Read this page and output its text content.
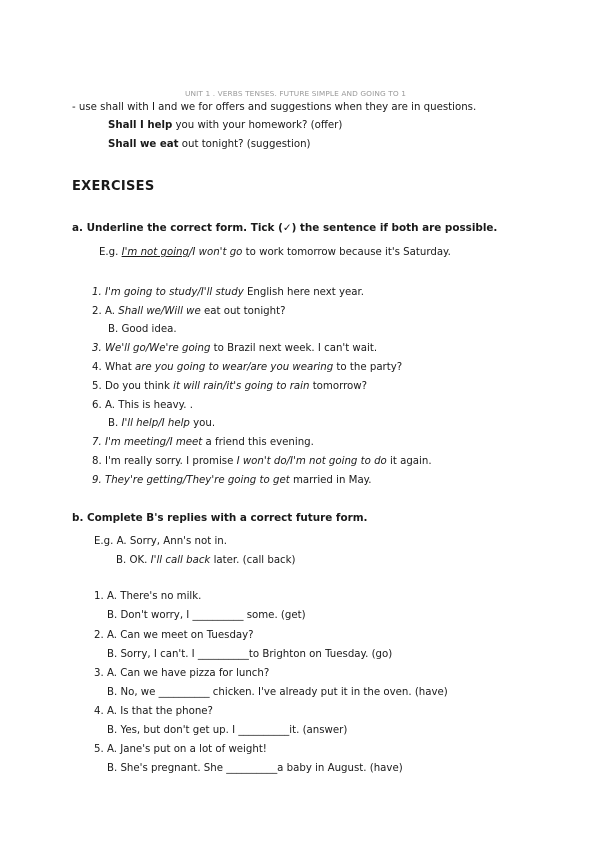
UNIT 1 . VERBS TENSES. FUTURE SIMPLE AND GOING TO 1
- use shall with I and we for offers and suggestions when they are in questions.
Shall I help you with your homework? (offer)
Shall we eat out tonight? (suggestion)
EXERCISES
a. Underline the correct form. Tick (✓) the sentence if both are possible.
E.g. I'm not going/I won't go to work tomorrow because it's Saturday.
1. I'm going to study/I'll study English here next year.
2. A. Shall we/Will we eat out tonight?
B. Good idea.
3. We'll go/We're going to Brazil next week. I can't wait.
4. What are you going to wear/are you wearing to the party?
5. Do you think it will rain/it's going to rain tomorrow?
6. A. This is heavy. .
B. I'll help/I help you.
7. I'm meeting/I meet a friend this evening.
8. I'm really sorry. I promise I won't do/I'm not going to do it again.
9. They're getting/They're going to get married in May.
b. Complete B's replies with a correct future form.
E.g. A. Sorry, Ann's not in.
B. OK. I'll call back later. (call back)
1. A. There's no milk.
B. Don't worry, I __________ some. (get)
2. A. Can we meet on Tuesday?
B. Sorry, I can't. I __________to Brighton on Tuesday. (go)
3. A. Can we have pizza for lunch?
B. No, we __________ chicken. I've already put it in the oven. (have)
4. A. Is that the phone?
B. Yes, but don't get up. I __________it. (answer)
5. A. Jane's put on a lot of weight!
B. She's pregnant. She __________a baby in August. (have)
